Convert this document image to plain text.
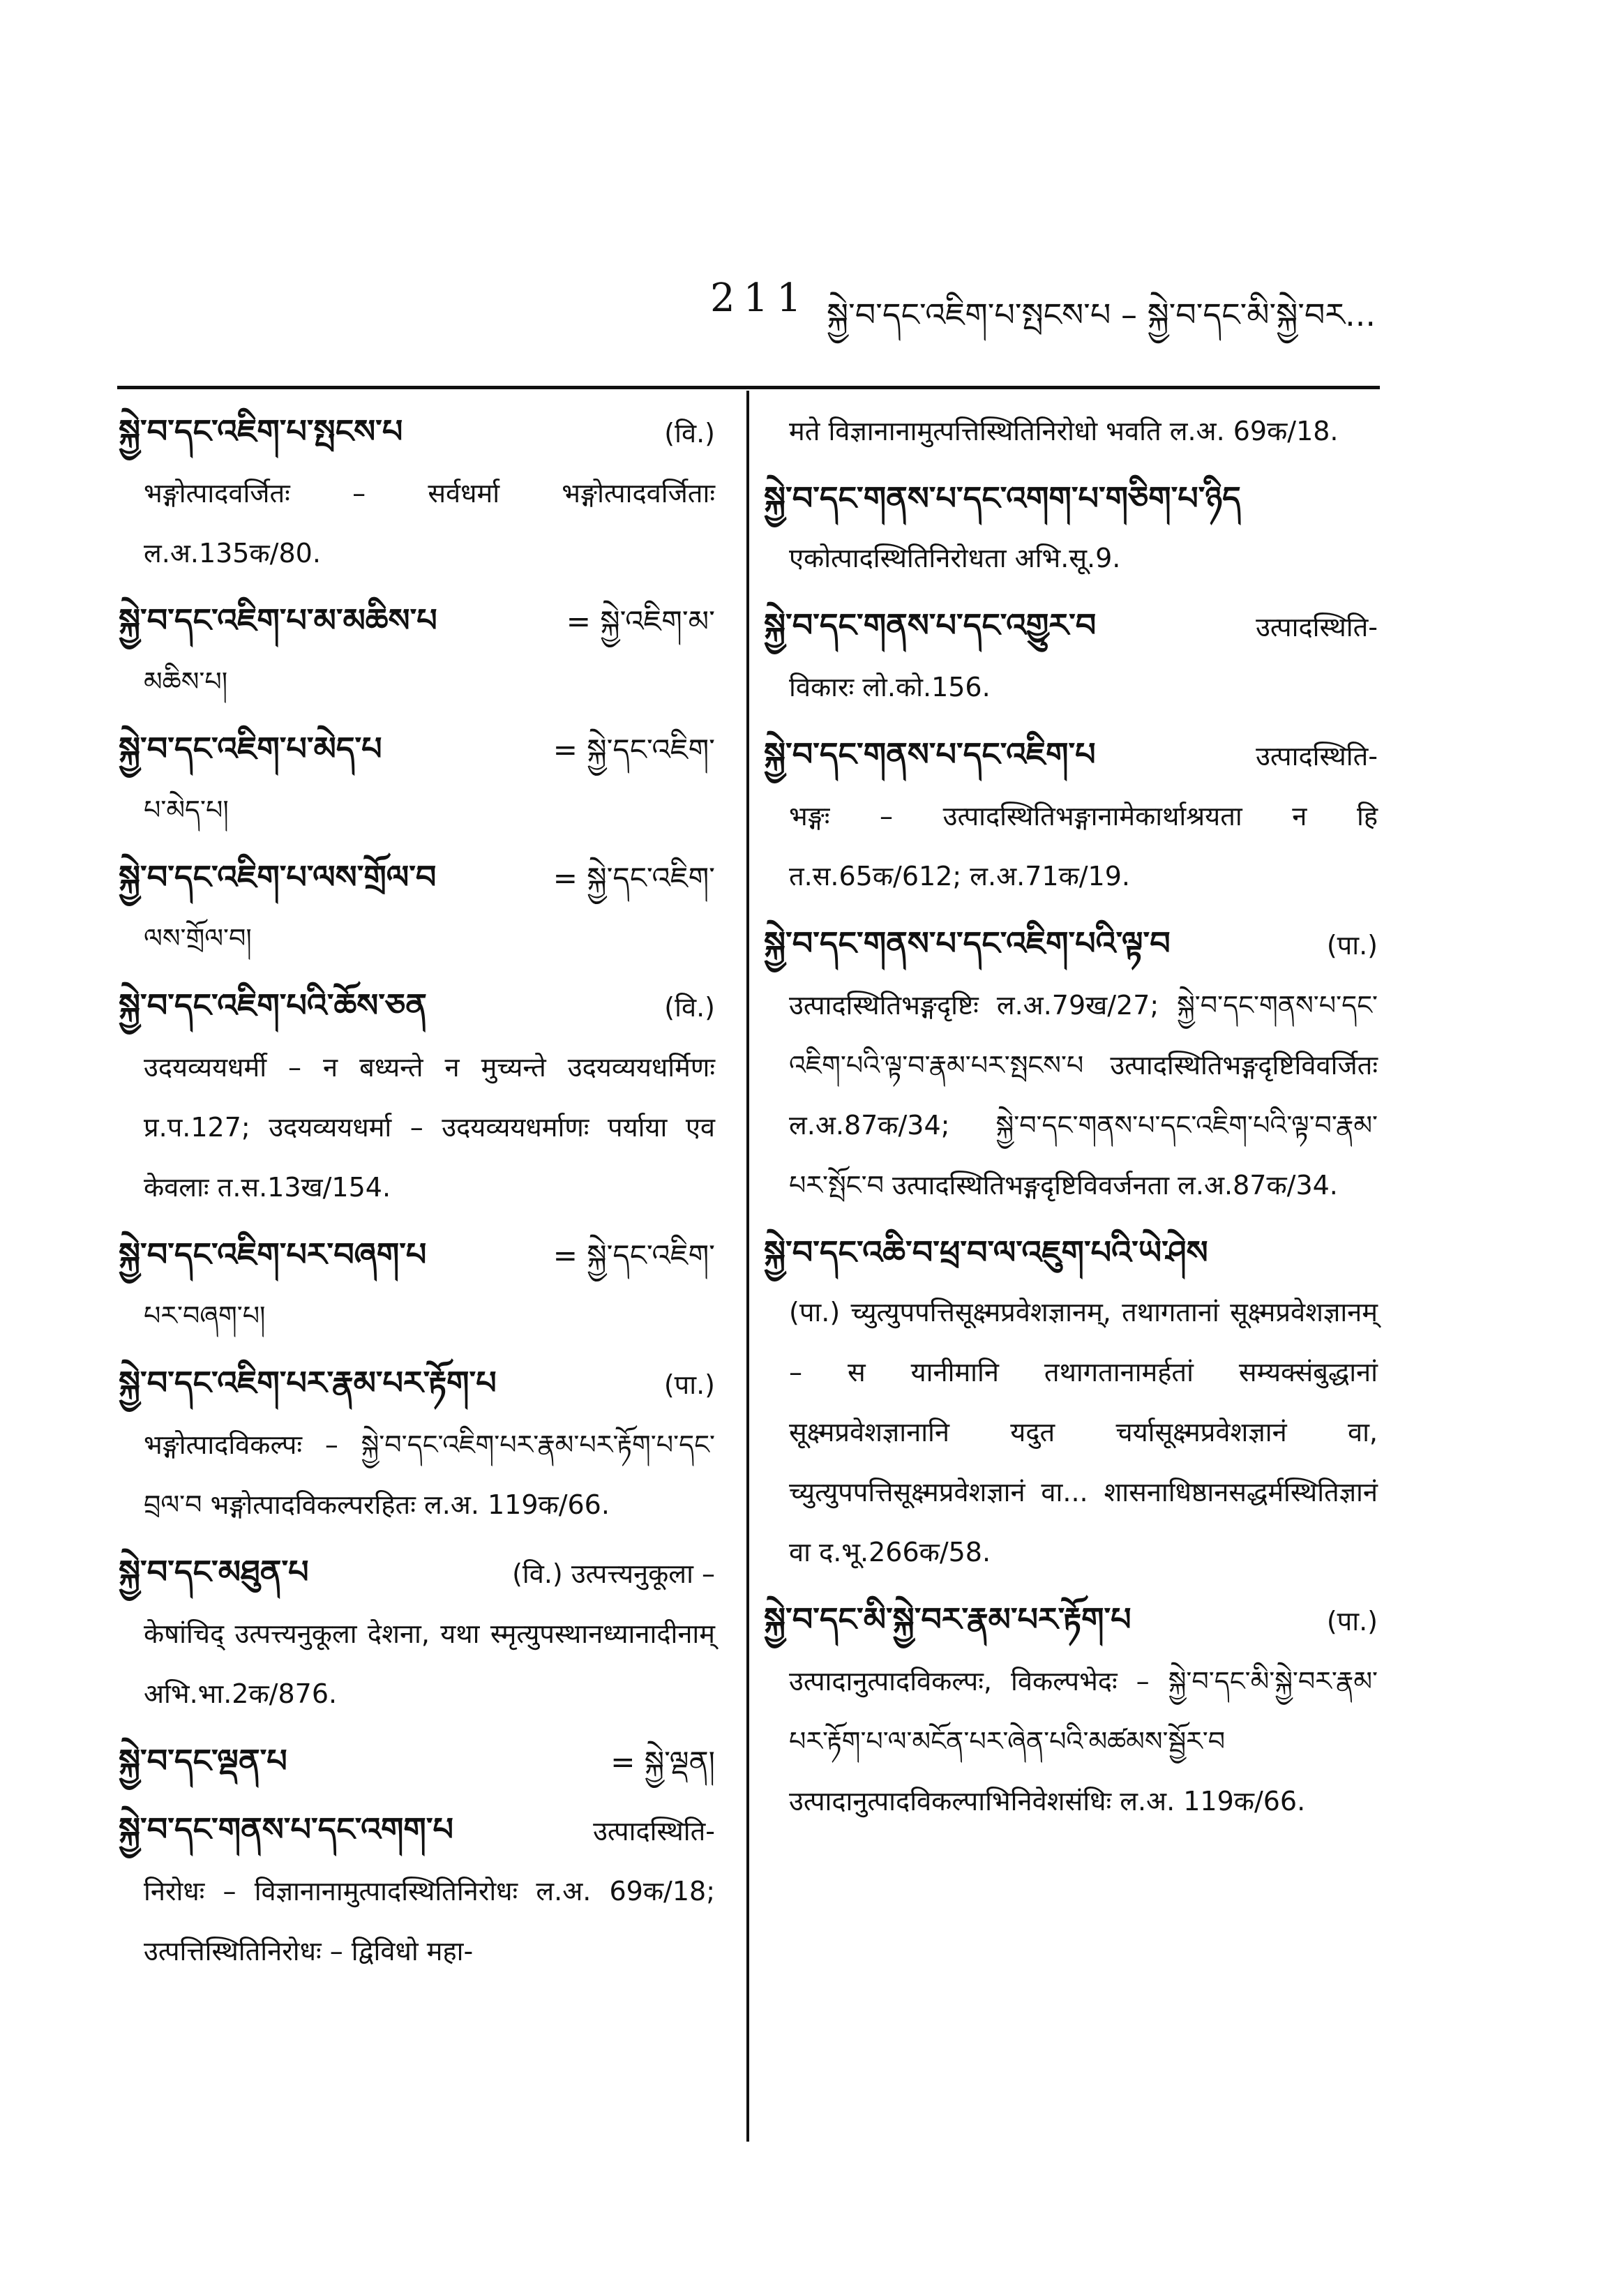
211 སྐྱེ་བ་དང་འཇིག་པ་སྤངས་པ – སྐྱེ་བ་དང་མི་སྐྱེ་བར...
སྐྱེ་བ་དང་འཇིག་པ་སྤངས་པ	(वि.)
भङ्गोत्पादवर्जितः – सर्वधर्मा भङ्गोत्पादवर्जिताः ल.अ.135क/80.
སྐྱེ་བ་དང་འཇིག་པ་མ་མཆིས་པ	= སྐྱེ་འཇིག་མ་
མཆིས་པ།
སྐྱེ་བ་དང་འཇིག་པ་མེད་པ	= སྐྱེ་དང་འཇིག་
པ་མེད་པ།
སྐྱེ་བ་དང་འཇིག་པ་ལས་གྲོལ་བ	= སྐྱེ་དང་འཇིག་
ལས་གྲོལ་བ།
སྐྱེ་བ་དང་འཇིག་པའི་ཆོས་ཅན	(वि.)
उदयव्ययधर्मी – न बध्यन्ते न मुच्यन्ते उदयव्ययधर्मिणः प्र.प.127; उदयव्ययधर्मा – उदयव्ययधर्माणः पर्याया एव केवलाः त.स.13ख/154.
སྐྱེ་བ་དང་འཇིག་པར་བཞག་པ	= སྐྱེ་དང་འཇིག་
པར་བཞག་པ།
སྐྱེ་བ་དང་འཇིག་པར་རྣམ་པར་རྟོག་པ	(पा.)
भङ्गोत्पादविकल्पः – སྐྱེ་བ་དང་འཇིག་པར་རྣམ་པར་རྟོག་པ་དང་བྲལ་བ भङ्गोत्पादविकल्परहितः ल.अ. 119क/66.
སྐྱེ་བ་དང་མཐུན་པ	(वि.) उत्पत्त्यनुकूला –
केषांचिद् उत्पत्त्यनुकूला देशना, यथा स्मृत्युपस्थानध्यानादीनाम् अभि.भा.2क/876.
སྐྱེ་བ་དང་ལྡན་པ	= སྐྱེ་ལྡན།
སྐྱེ་བ་དང་གནས་པ་དང་འགག་པ	उत्पादस्थिति-
निरोधः – विज्ञानानामुत्पादस्थितिनिरोधः ल.अ. 69क/18; उत्पत्तिस्थितिनिरोधः – द्विविधो महा-
मते विज्ञानानामुत्पत्तिस्थितिनिरोधो भवति ल.अ. 69क/18.
སྐྱེ་བ་དང་གནས་པ་དང་འགག་པ་གཅིག་པ་ཉིད
एकोत्पादस्थितिनिरोधता अभि.सू.9.
སྐྱེ་བ་དང་གནས་པ་དང་འགྱུར་བ	उत्पादस्थिति-
विकारः लो.को.156.
སྐྱེ་བ་དང་གནས་པ་དང་འཇིག་པ	उत्पादस्थिति-
भङ्गः – उत्पादस्थितिभङ्गानामेकार्थाश्रयता न हि त.स.65क/612; ल.अ.71क/19.
སྐྱེ་བ་དང་གནས་པ་དང་འཇིག་པའི་ལྟ་བ	(पा.)
उत्पादस्थितिभङ्गदृष्टिः ल.अ.79ख/27; སྐྱེ་བ་དང་གནས་པ་དང་འཇིག་པའི་ལྟ་བ་རྣམ་པར་སྤངས་པ उत्पादस्थितिभङ्गदृष्टिविवर्जितः ल.अ.87क/34; སྐྱེ་བ་དང་གནས་པ་དང་འཇིག་པའི་ལྟ་བ་རྣམ་པར་སྤོང་བ उत्पादस्थितिभङ्गदृष्टिविवर्जनता ल.अ.87क/34.
སྐྱེ་བ་དང་འཆི་བ་ཕྲ་བ་ལ་འཇུག་པའི་ཡེ་ཤེས
(पा.) च्युत्युपपत्तिसूक्ष्मप्रवेशज्ञानम्, तथागतानां सूक्ष्मप्रवेशज्ञानम् – स यानीमानि तथागतानामर्हतां सम्यक्संबुद्धानां सूक्ष्मप्रवेशज्ञानानि यदुत चर्यासूक्ष्मप्रवेशज्ञानं वा, च्युत्युपपत्तिसूक्ष्मप्रवेशज्ञानं वा... शासनाधिष्ठानसद्धर्मस्थितिज्ञानं वा द.भू.266क/58.
སྐྱེ་བ་དང་མི་སྐྱེ་བར་རྣམ་པར་རྟོག་པ	(पा.)
उत्पादानुत्पादविकल्पः, विकल्पभेदः – སྐྱེ་བ་དང་མི་སྐྱེ་བར་རྣམ་པར་རྟོག་པ་ལ་མངོན་པར་ཞེན་པའི་མཚམས་སྦྱོར་བ उत्पादानुत्पादविकल्पाभिनिवेशसंधिः ल.अ. 119क/66.
